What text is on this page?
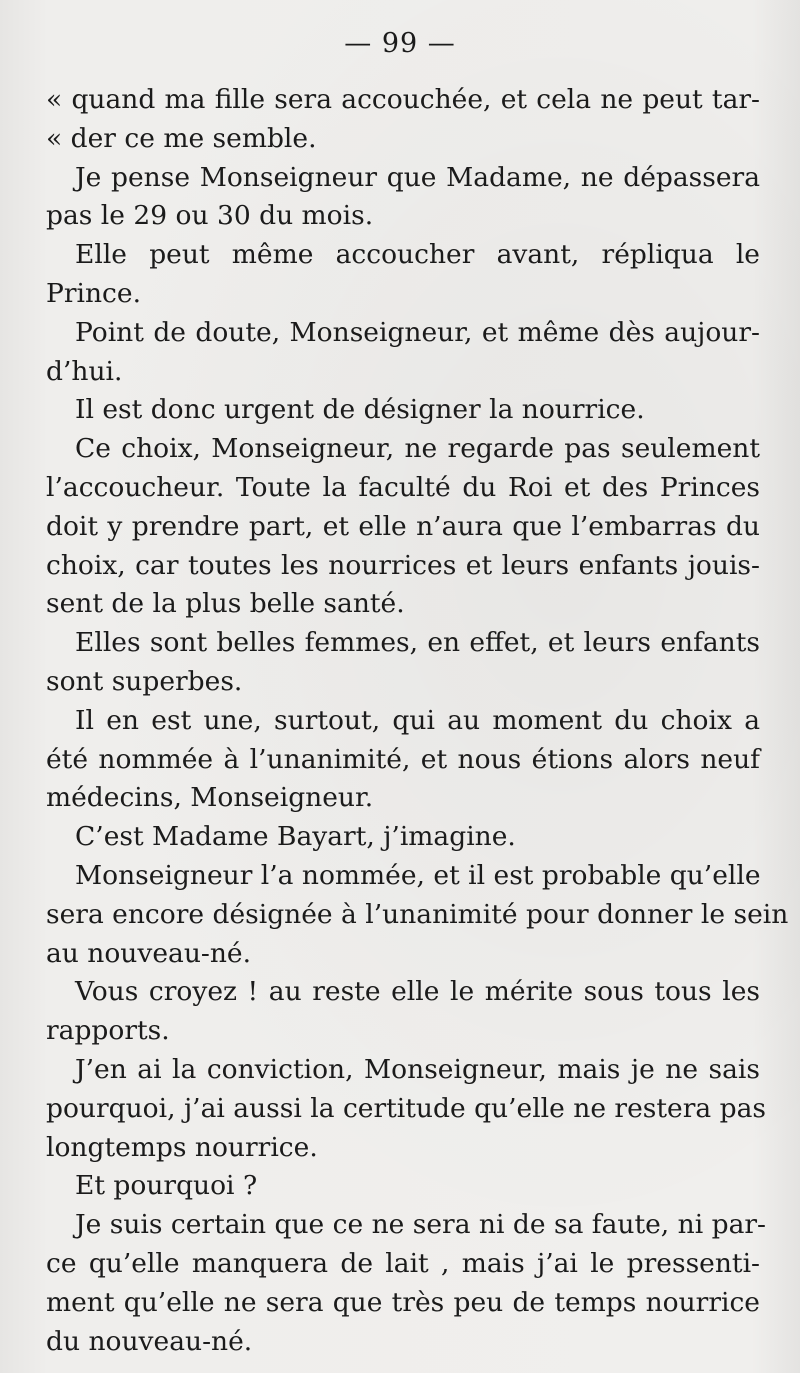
— 99 —
« quand ma fille sera accouchée, et cela ne peut tar-
« der ce me semble.
Je pense Monseigneur que Madame, ne dépassera
pas le 29 ou 30 du mois.
Elle peut même accoucher avant, répliqua le
Prince.
Point de doute, Monseigneur, et même dès aujour-
d’hui.
Il est donc urgent de désigner la nourrice.
Ce choix, Monseigneur, ne regarde pas seulement
l’accoucheur. Toute la faculté du Roi et des Princes
doit y prendre part, et elle n’aura que l’embarras du
choix, car toutes les nourrices et leurs enfants jouis-
sent de la plus belle santé.
Elles sont belles femmes, en effet, et leurs enfants
sont superbes.
Il en est une, surtout, qui au moment du choix a
été nommée à l’unanimité, et nous étions alors neuf
médecins, Monseigneur.
C’est Madame Bayart, j’imagine.
Monseigneur l’a nommée, et il est probable qu’elle
sera encore désignée à l’unanimité pour donner le sein
au nouveau-né.
Vous croyez ! au reste elle le mérite sous tous les
rapports.
J’en ai la conviction, Monseigneur, mais je ne sais
pourquoi, j’ai aussi la certitude qu’elle ne restera pas
longtemps nourrice.
Et pourquoi ?
Je suis certain que ce ne sera ni de sa faute, ni par-
ce qu’elle manquera de lait , mais j’ai le pressenti-
ment qu’elle ne sera que très peu de temps nourrice
du nouveau-né.
